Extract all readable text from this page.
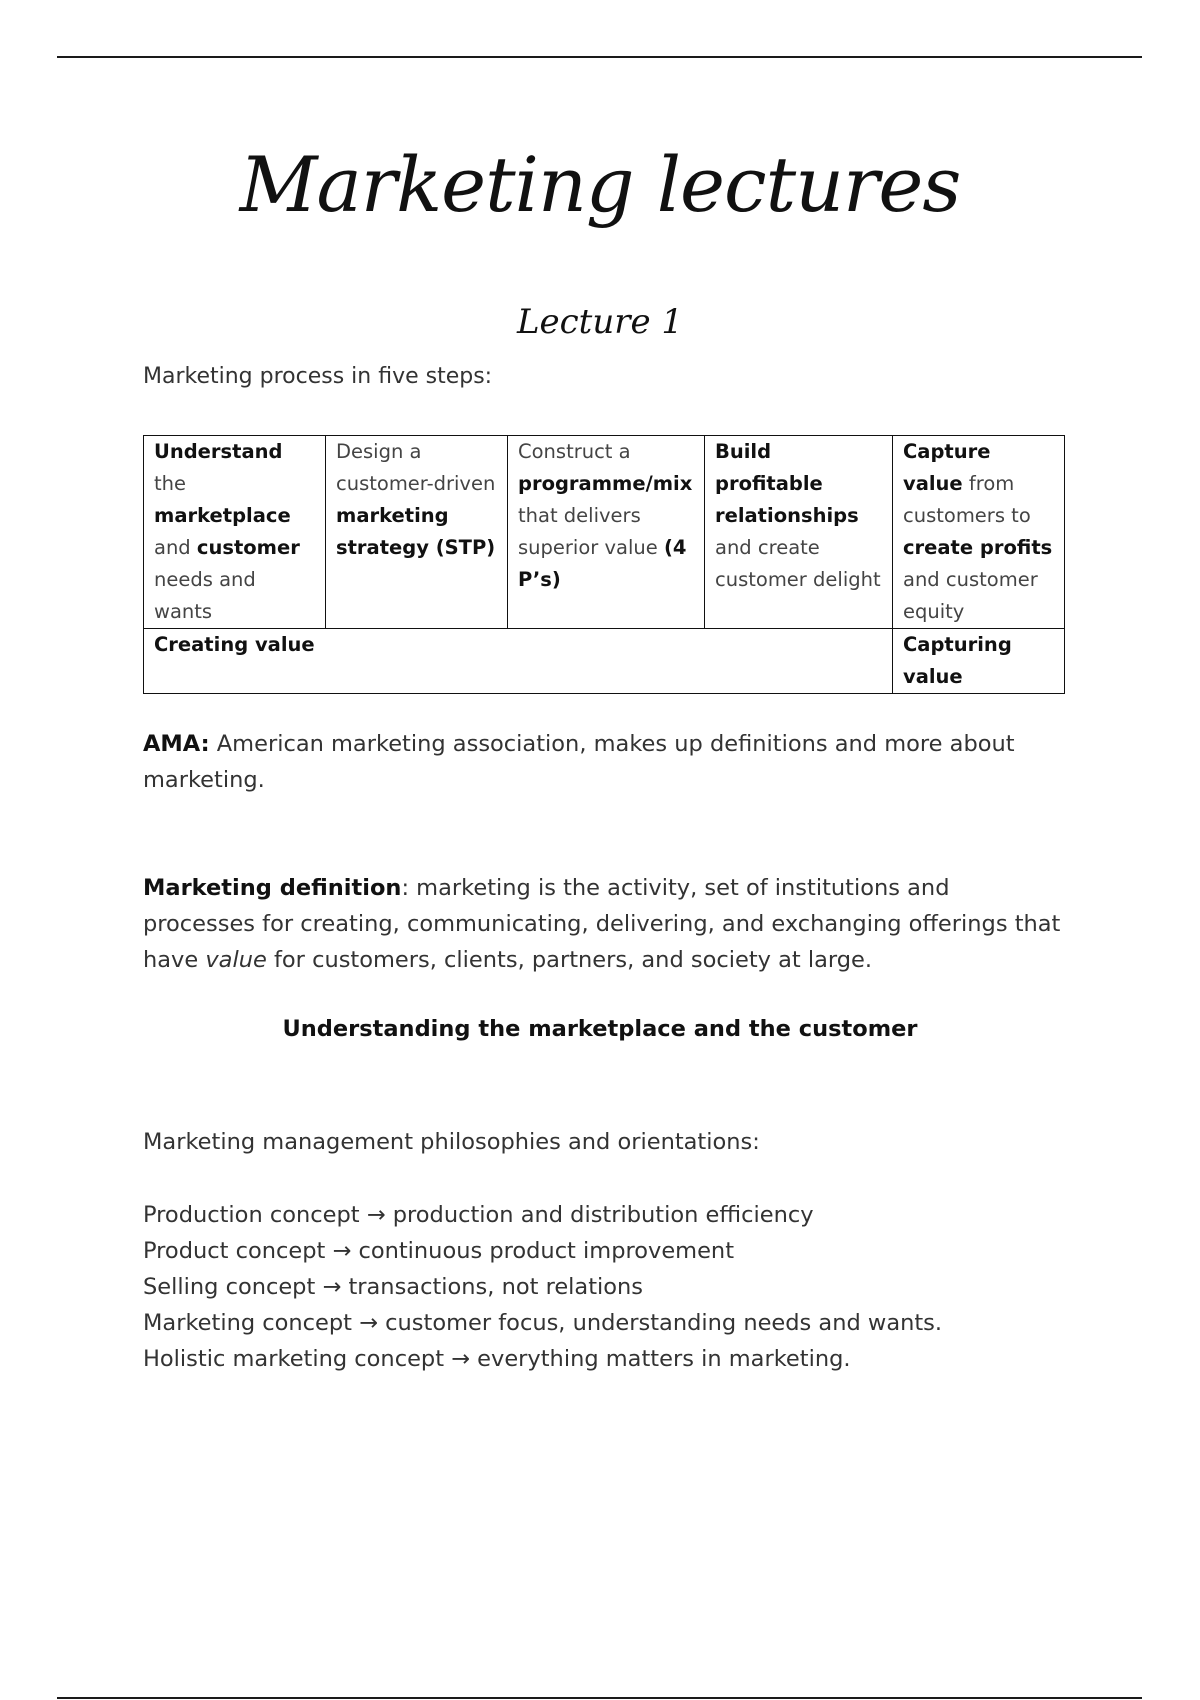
Marketing lectures
Lecture 1
Marketing process in five steps:
Understand the marketplace and customer needs and wants	Design a customer-driven marketing strategy (STP)	Construct a programme/mix that delivers superior value (4 P’s)	Build profitable relationships and create customer delight	Capture value from customers to create profits and customer equity
Creating value				Capturing value
AMA: American marketing association, makes up definitions and more about marketing.
Marketing definition: marketing is the activity, set of institutions and processes for creating, communicating, delivering, and exchanging offerings that have value for customers, clients, partners, and society at large.
Understanding the marketplace and the customer
Marketing management philosophies and orientations:
Production concept → production and distribution efficiency
Product concept → continuous product improvement
Selling concept → transactions, not relations
Marketing concept → customer focus, understanding needs and wants.
Holistic marketing concept → everything matters in marketing.
